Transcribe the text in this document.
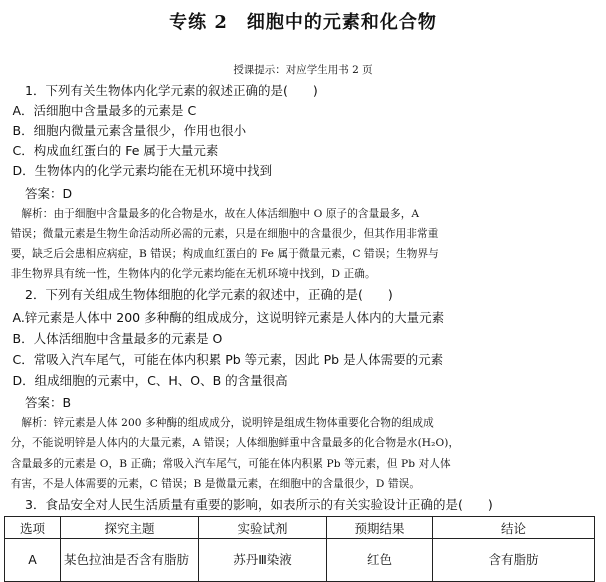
专练 2　细胞中的元素和化合物
授课提示：对应学生用书 2 页
　　1．下列有关生物体内化学元素的叙述正确的是(　　)
　A．活细胞中含量最多的元素是 C
　B．细胞内微量元素含量很少，作用也很小
　C．构成血红蛋白的 Fe 属于大量元素
　D．生物体内的化学元素均能在无机环境中找到
　　答案：D
　　解析：由于细胞中含量最多的化合物是水，故在人体活细胞中 O 原子的含量最多，A
　错误；微量元素是生物生命活动所必需的元素，只是在细胞中的含量很少，但其作用非常重
　要，缺乏后会患相应病症，B 错误；构成血红蛋白的 Fe 属于微量元素，C 错误；生物界与
　非生物界具有统一性，生物体内的化学元素均能在无机环境中找到，D 正确。
　　2．下列有关组成生物体细胞的化学元素的叙述中，正确的是(　　)
　A.锌元素是人体中 200 多种酶的组成成分，这说明锌元素是人体内的大量元素
　B．人体活细胞中含量最多的元素是 O
　C．常吸入汽车尾气，可能在体内积累 Pb 等元素，因此 Pb 是人体需要的元素
　D．组成细胞的元素中，C、H、O、B 的含量很高
　　答案：B
　　解析：锌元素是人体 200 多种酶的组成成分，说明锌是组成生物体重要化合物的组成成
　分，不能说明锌是人体内的大量元素，A 错误；人体细胞鲜重中含量最多的化合物是水(H₂O)，
　含量最多的元素是 O，B 正确；常吸入汽车尾气，可能在体内积累 Pb 等元素，但 Pb 对人体
　有害，不是人体需要的元素，C 错误；B 是微量元素，在细胞中的含量很少，D 错误。
　　3．食品安全对人民生活质量有重要的影响，如表所示的有关实验设计正确的是(　　)
选项	探究主题	实验试剂	预期结果	结论
A	某色拉油是否含有脂肪	苏丹Ⅲ染液	红色	含有脂肪
